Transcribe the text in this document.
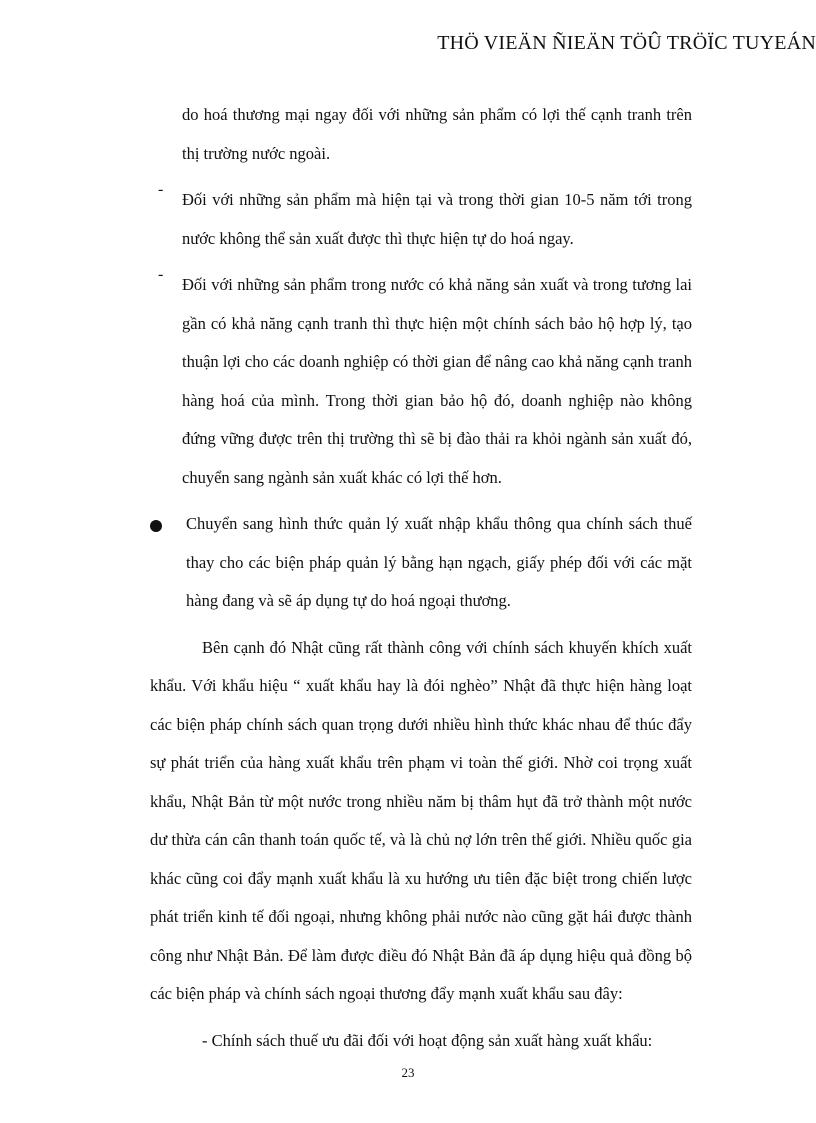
THÖ VIEÄN ÑIEÄN TÖÛ TRÖÏC TUYEÁN

do hoá thương mại ngay đối với những sản phẩm có lợi thế cạnh tranh trên thị trường nước ngoài.

-

Đối với những sản phẩm mà hiện tại và trong thời gian 10-5 năm tới trong nước không thể sản xuất được thì thực hiện tự do hoá ngay.

-

Đối với những sản phẩm trong nước có khả năng sản xuất và trong tương lai gần có khả năng cạnh tranh thì thực hiện một chính sách bảo hộ hợp lý, tạo thuận lợi cho các doanh nghiệp có thời gian để nâng cao khả năng cạnh tranh hàng hoá của mình. Trong thời gian bảo hộ đó, doanh nghiệp nào không đứng vững được trên thị trường thì sẽ bị đào thải ra khỏi ngành sản xuất đó, chuyển sang ngành sản xuất khác có lợi thế hơn.

Chuyển sang hình thức quản lý xuất nhập khẩu thông qua chính sách thuế thay cho các biện pháp quản lý bằng hạn ngạch, giấy phép đối với các mặt hàng đang và sẽ áp dụng tự do hoá ngoại thương.

Bên cạnh đó Nhật cũng rất thành công với chính sách khuyến khích xuất khẩu. Với khẩu hiệu “ xuất khẩu hay là đói nghèo” Nhật đã thực hiện hàng loạt các biện pháp chính sách quan trọng dưới nhiều hình thức khác nhau để thúc đẩy sự phát triển của hàng xuất khẩu trên phạm vi toàn thế giới. Nhờ coi trọng xuất khẩu, Nhật Bản từ một nước trong nhiều năm bị thâm hụt đã trở thành một nước dư thừa cán cân thanh toán quốc tế, và là chủ nợ lớn trên thế giới. Nhiều quốc gia khác cũng coi đẩy mạnh xuất khẩu là xu hướng ưu tiên đặc biệt trong chiến lược phát triển kinh tế đối ngoại, nhưng không phải nước nào cũng gặt hái được thành công như Nhật Bản. Để làm được điều đó Nhật Bản đã áp dụng hiệu quả đồng bộ các biện pháp và chính sách ngoại thương đẩy mạnh xuất khẩu sau đây:

- Chính sách thuế ưu đãi đối với hoạt động sản xuất hàng xuất khẩu:

23
